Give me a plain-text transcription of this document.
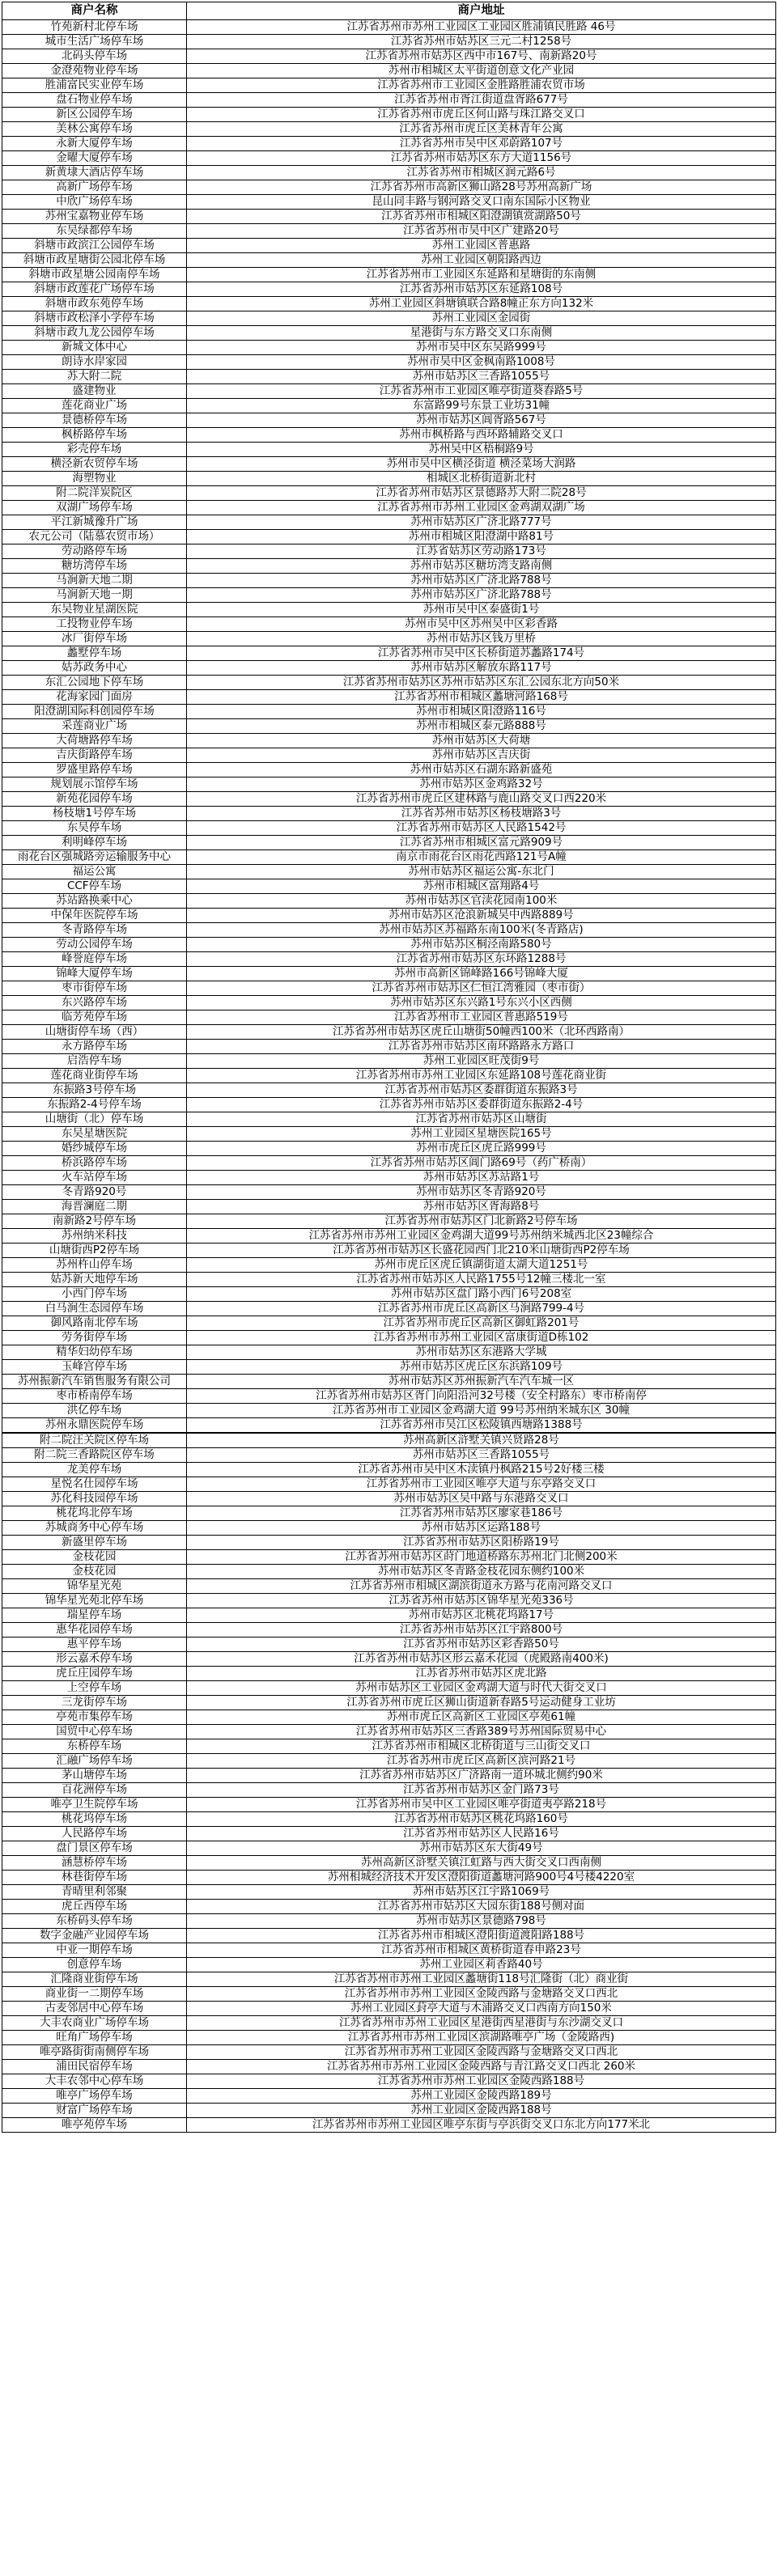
商户名称	商户地址
竹苑新村北停车场	江苏省苏州市苏州工业园区工业园区胜浦镇民胜路 46号
城市生活广场停车场	江苏省苏州市姑苏区三元二村1258号
北码头停车场	江苏省苏州市姑苏区西中市167号、南新路20号
金澄苑物业停车场	苏州市相城区太平街道创意文化产业园
胜浦富民实业停车场	江苏省苏州市工业园区金胜路胜浦农贸市场
盘石物业停车场	江苏省苏州市胥江街道盘胥路677号
新区公园停车场	江苏省苏州市虎丘区何山路与珠江路交叉口
美林公寓停车场	江苏省苏州市虎丘区美林青年公寓
永新大厦停车场	江苏省苏州市吴中区邓蔚路107号
金曜大厦停车场	江苏省苏州市姑苏区东方大道1156号
新黄埭大酒店停车场	江苏省苏州市相城区润元路6号
高新广场停车场	江苏省苏州市高新区狮山路28号苏州高新广场
中欣广场停车场	昆山同丰路与钢河路交叉口南东国际小区物业
苏州宝嘉物业停车场	江苏省苏州市相城区阳澄湖镇赏湖路50号
东吴绿都停车场	江苏省苏州市吴中区广建路20号
斜塘市政滨江公园停车场	苏州工业园区普惠路
斜塘市政星塘街公园北停车场	苏州工业园区朝阳路西边
斜塘市政星塘公园南停车场	江苏省苏州市工业园区东延路和星塘街的东南侧
斜塘市政莲花广场停车场	江苏省苏州市姑苏区东延路108号
斜塘市政东苑停车场	苏州工业园区斜塘镇联合路8幢正东方向132米
斜塘市政松泽小学停车场	苏州工业园区金园街
斜塘市政九龙公园停车场	星港街与东方路交叉口东南侧
新城文体中心	苏州市吴中区东吴路999号
朗诗水岸家园	苏州市吴中区金枫南路1008号
苏大附二院	苏州市姑苏区三香路1055号
盛建物业	江苏省苏州市工业园区唯亭街道葵舂路5号
莲花商业广场	东富路99号东景工业坊31幢
景德桥停车场	苏州市姑苏区阊胥路567号
枫桥路停车场	苏州市枫桥路与西环路辅路交叉口
彩壳停车场	苏州吴中区梧桐路9号
横泾新农贸停车场	苏州市吴中区横泾街道 横泾菜场大润路
海塑物业	相城区北桥街道新北村
附二院洋炭院区	江苏省苏州市姑苏区景德路苏大附二院28号
双湖广场停车场	江苏省苏州市苏州工业园区金鸡湖双湖广场
平江新城豫升广场	苏州市姑苏区广济北路777号
农元公司（陆慕农贸市场）	苏州市相城区阳澄湖中路81号
劳动路停车场	江苏省姑苏区劳动路173号
糖坊湾停车场	苏州市姑苏区糖坊湾支路南侧
马涧新天地二期	苏州市姑苏区广济北路788号
马涧新天地一期	苏州市姑苏区广济北路788号
东吴物业星湖医院	苏州市吴中区泰盛街1号
工投物业停车场	苏州市吴中区苏州吴中区彩香路
冰厂街停车场	苏州市姑苏区钱万里桥
蠡墅停车场	江苏省苏州市吴中区长桥街道苏蠡路174号
姑苏政务中心	苏州市姑苏区解放东路117号
东汇公园地下停车场	江苏省苏州市姑苏区苏州市姑苏区东汇公园东北方向50米
花海家园门面房	江苏省苏州市相城区蠡塘河路168号
阳澄湖国际科创园停车场	苏州市相城区阳澄路116号
采莲商业广场	苏州市相城区泰元路888号
大荷塘路停车场	苏州市姑苏区大荷塘
吉庆街路停车场	苏州市姑苏区吉庆街
罗盛里路停车场	苏州市姑苏区石湖东路新盛苑
规划展示馆停车场	苏州市姑苏区金鸡路32号
新苑花园停车场	江苏省苏州市虎丘区建林路与鹿山路交叉口西220米
杨枝塘1号停车场	江苏省苏州市姑苏区杨枝塘路3号
东吴停车场	江苏省苏州市姑苏区人民路1542号
利明峰停车场	江苏省苏州市相城区富元路909号
雨花台区强城路旁运输服务中心	南京市雨花台区雨花西路121号A幢
福运公寓	苏州市姑苏区福运公寓-东北门
CCF停车场	苏州市相城区富翔路4号
苏站路换乘中心	苏州市姑苏区官渎花园南100米
中保年医院停车场	苏州市姑苏区沧浪新城吴中西路889号
冬青路停车场	苏州市姑苏区苏福路东南100米(冬青路店)
劳动公园停车场	苏州市姑苏区桐泾南路580号
峰誉庭停车场	江苏省苏州市姑苏区东环路1288号
锦峰大厦停车场	苏州市高新区锦峰路166号锦峰大厦
枣市街停车场	江苏省苏州市姑苏区仁恒江湾雅园（枣市街）
东兴路停车场	苏州市姑苏区东兴路1号东兴小区西侧
临芳苑停车场	江苏省苏州市工业园区普惠路519号
山塘街停车场（西）	江苏省苏州市姑苏区虎丘山塘街50幢西100米（北环西路南）
永方路停车场	江苏省苏州市姑苏区南环路路永方路口
启浩停车场	苏州工业园区旺茂街9号
莲花商业街停车场	江苏省苏州市苏州工业园区东延路108号莲花商业街
东振路3号停车场	江苏省苏州市姑苏区委群街道东振路3号
东振路2-4号停车场	江苏省苏州市姑苏区委群街道东振路2-4号
山塘街（北）停车场	江苏省苏州市姑苏区山塘街
东吴星塘医院	苏州工业园区星塘医院165号
婚纱城停车场	苏州市虎丘区虎丘路999号
桥浜路停车场	江苏省苏州市姑苏区阊门路69号（药广桥南）
火车站停车场	苏州市姑苏区苏站路1号
冬青路920号	苏州市姑苏区冬青路920号
海晋澜庭二期	苏州市姑苏区胥海路8号
南新路2号停车场	江苏省苏州市姑苏区门北新路2号停车场
苏州纳米科技	江苏省苏州市苏州工业园区金鸡湖大道99号苏州纳米城西北区23幢综合
山塘街西P2停车场	江苏省苏州市姑苏区长盛花园西门北210米山塘街西P2停车场
苏州杵山停车场	苏州市虎丘区虎丘镇湖街道太湖大道1251号
姑苏新天地停车场	江苏省苏州市姑苏区人民路1755号12幢三楼北一室
小西门停车场	苏州市姑苏区盘门路小西门6号208室
白马涧生态园停车场	江苏省苏州市虎丘区高新区马涧路799-4号
御风路南北停车场	江苏省苏州市虎丘区高新区御虹路201号
劳务街停车场	江苏省苏州市苏州工业园区富康街道D栋102
精华妇幼停车场	苏州市姑苏区东港路大学城
玉峰宫停车场	苏州市姑苏区虎丘区东浜路109号
苏州振新汽车销售服务有限公司	苏州市姑苏区苏州振新汽车汽车城一区
枣市桥南停车场	江苏省苏州市姑苏区胥门向阳沿河32号楼（安全村路东）枣市桥南停
洪亿停车场	江苏省苏州市工业园区金鸡湖大道 99号苏州纳米城东区 30幢
苏州永鼎医院停车场	江苏省苏州市吴江区松陵镇西塘路1388号
附二院汪关院区停车场	苏州高新区浒墅关镇兴贤路28号
附二院三香路院区停车场	苏州市姑苏区三香路1055号
龙美停车场	江苏省苏州市吴中区木渎镇丹枫路215号2好楼三楼
星悦名仕园停车场	江苏省苏州市工业园区唯亭大道与东亭路交叉口
苏化科技园停车场	苏州市姑苏区吴中路与东港路交叉口
桃花坞北停车场	江苏省苏州市姑苏区廖家巷186号
苏城商务中心停车场	苏州市姑苏区运路188号
新盛里停车场	江苏省苏州市姑苏区阳桥路19号
金枝花园	江苏省苏州市姑苏区莳门地道桥路东苏州北门北侧200米
金枝花园	苏州市姑苏区冬青路金枝花园东侧约100米
锦华星光苑	江苏省苏州市相城区湖滨街道永方路与花南河路交叉口
锦华星光苑北停车场	江苏省苏州市姑苏区锦华星光苑336号
瑞星停车场	苏州市姑苏区北桃花坞路17号
惠华花园停车场	江苏省苏州市姑苏区江宇路800号
惠平停车场	江苏省苏州市姑苏区彩香路50号
形云嘉禾停车场	江苏省苏州市姑苏区形云嘉禾花园（虎殿路南400米)
虎丘庄园停车场	江苏省苏州市姑苏区虎北路
上空停车场	苏州市姑苏区工业园区金鸡湖大道与时代大街交叉口
三龙街停车场	江苏省苏州市虎丘区狮山街道新春路5号运动健身工业坊
亭苑市集停车场	苏州市虎丘区高新区工业园区亭苑61幢
国贸中心停车场	江苏省苏州市姑苏区三香路389号苏州国际贸易中心
东桥停车场	江苏省苏州市相城区北桥街道与三山街交叉口
汇融广场停车场	江苏省苏州市虎丘区高新区滨河路21号
茅山塘停车场	江苏省苏州市姑苏区广济路南一道环城北侧约90米
百花洲停车场	江苏省苏州市姑苏区金门路73号
唯亭卫生院停车场	江苏省苏州市吴中区工业园区唯亭街道夷亭路218号
桃花坞停车场	江苏省苏州市姑苏区桃花坞路160号
人民路停车场	江苏省苏州市姑苏区人民路16号
盘门景区停车场	苏州市姑苏区东大街49号
涵慧桥停车场	苏州高新区浒墅关镇江虹路与西大街交叉口西南侧
林巷街停车场	苏州相城经济技术开发区澄阳街道蠡塘河路900号4号楼4220室
青晴里利邻聚	苏州市姑苏区江宇路1069号
虎丘西停车场	江苏省苏州市姑苏区大园东街188号侧对面
东桥码头停车场	苏州市姑苏区景德路798号
数字金融产业园停车场	江苏省苏州市相城区澄阳街道渡阳路188号
中亚一期停车场	江苏省苏州市相城区黄桥街道春申路23号
创意停车场	苏州工业园区莉香路40号
汇隆商业街停车场	江苏省苏州市苏州工业园区蠡塘街118号汇隆街（北）商业街
商业街一二期停车场	江苏省苏州市苏州工业园区金陵西路与金塘路交叉口西北
古麦邻居中心停车场	苏州工业园区葑亭大道与木浦路交叉口西南方向150米
大丰农商业广场停车场	江苏省苏州市苏州工业园区星港街西星港街与东沙湖交叉口
旺角广场停车场	江苏省苏州市苏州工业园区滨湖路唯亭广场（金陵路西)
唯亭路街街南侧停车场	江苏省苏州市苏州工业园区金陵西路与金塘路交叉口西北
浦田民宿停车场	江苏省苏州市苏州工业园区金陵西路与青江路交叉口西北 260米
大丰农邻中心停车场	江苏省苏州市苏州工业园区金陵西路188号
唯亭广场停车场	苏州工业园区金陵西路189号
财富广场停车场	苏州工业园区金陵西路188号
唯亭苑停车场	江苏省苏州市苏州工业园区唯亭东街与亭浜街交叉口东北方向177米北
